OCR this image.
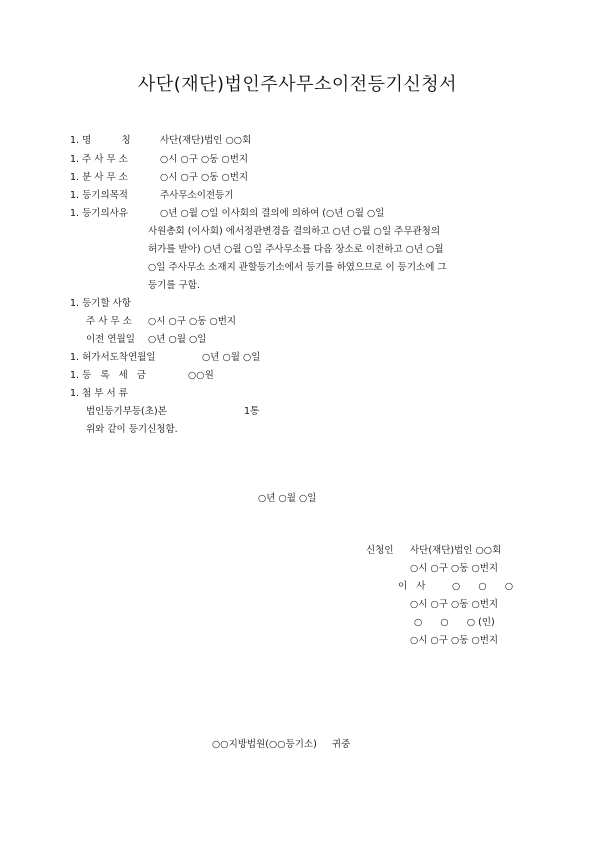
사단(재단)법인주사무소이전등기신청서
1. 명          칭	사단(재단)법인 ○○회
1. 주 사 무 소	○시 ○구 ○동 ○번지
1. 분 사 무 소	○시 ○구 ○동 ○번지
1. 등기의목적	주사무소이전등기
1. 등기의사유	○년 ○월 ○일 이사회의 결의에 의하여 (○년 ○월 ○일
사원총회 (이사회) 에서정관변경을 결의하고 ○년 ○월 ○일 주무관청의
허가를 받아) ○년 ○월 ○일 주사무소를 다음 장소로 이전하고 ○년 ○월
○일 주사무소 소재지 관할등기소에서 등기를 하였으므로 이 등기소에 그
등기를 구함.
1. 등기할 사항
주 사 무 소 ○시 ○구 ○동 ○번지
이전 연월일 ○년 ○월 ○일
1. 허가서도착연월일	○년 ○월 ○일
1. 등   록   세   금	○○원
1. 첨 부 서 류
법인등기부등(초)본	1통
위와 같이 등기신청함.
○년 ○월 ○일
신청인 사단(재단)법인 ○○회
○시 ○구 ○동 ○번지
이   사	○      ○      ○
○시 ○구 ○동 ○번지
○      ○      ○ (인)
○시 ○구 ○동 ○번지
○○지방법원(○○등기소)     귀중
